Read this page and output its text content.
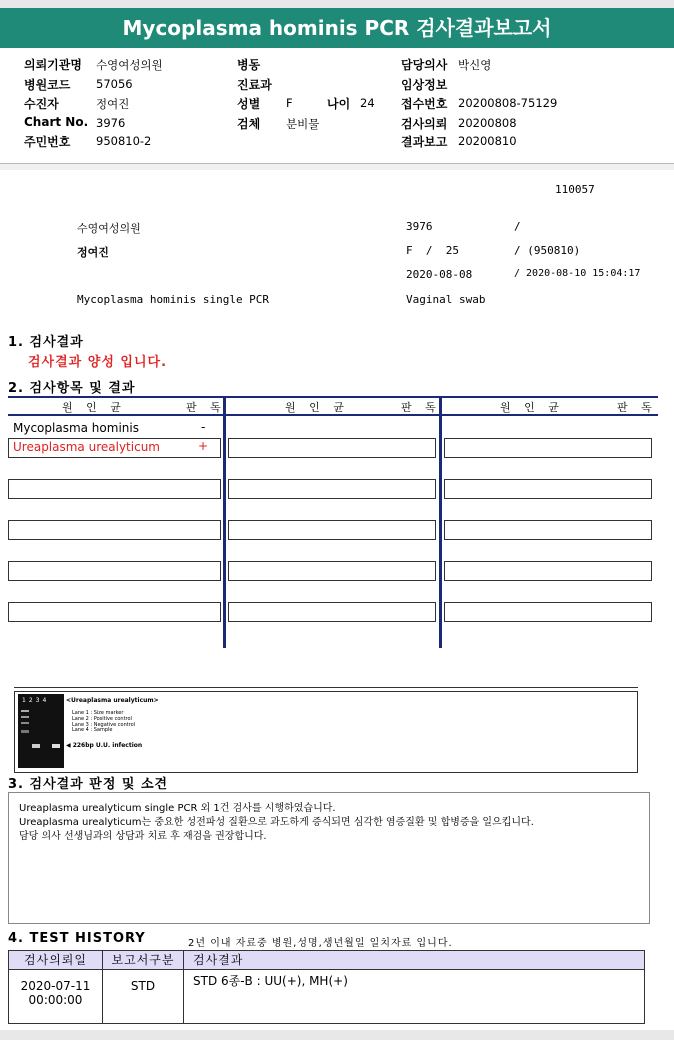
Mycoplasma hominis PCR 검사결과보고서
의뢰기관명 수영여성의원
병원코드 57056
수진자	정여진
Chart No. 3976
주민번호 950810-2
병동
진료과
성별 F	나이 24
검체 분비물
담당의사 박신영
임상정보
접수번호 20200808-75129
검사의뢰 20200808
결과보고 20200810
110057
수영여성의원	3976	/
정여진	F  /  25	/ (950810)
2020-08-08	/ 2020-08-10 15:04:17
Mycoplasma hominis single PCR	Vaginal swab
1. 검사결과
검사결과 양성 입니다.
2. 검사항목 및 결과
원 인 균	판 독	원 인 균	판 독	원 인 균	판 독
Mycoplasma hominis	-
Ureaplasma urealyticum	+
1234	<Ureaplasma urealyticum>
Lane 1 : Size marker
Lane 2 : Positive control
Lane 3 : Negative control
Lane 4 : Sample
◀ 226bp U.U. infection
3. 검사결과 판정 및 소견
Ureaplasma urealyticum single PCR 외 1건 검사를 시행하였습니다.
Ureaplasma urealyticum는 중요한 성전파성 질환으로 과도하게 증식되면 심각한 염증질환 및 합병증을 일으킵니다.
담당 의사 선생님과의 상담과 치료 후 재검을 권장합니다.
4. TEST HISTORY	2년 이내 자료중 병원,성명,생년월일 일치자료 입니다.
검사의뢰일	보고서구분	검사결과
2020-07-11
00:00:00
STD	STD 6종-B : UU(+), MH(+)
